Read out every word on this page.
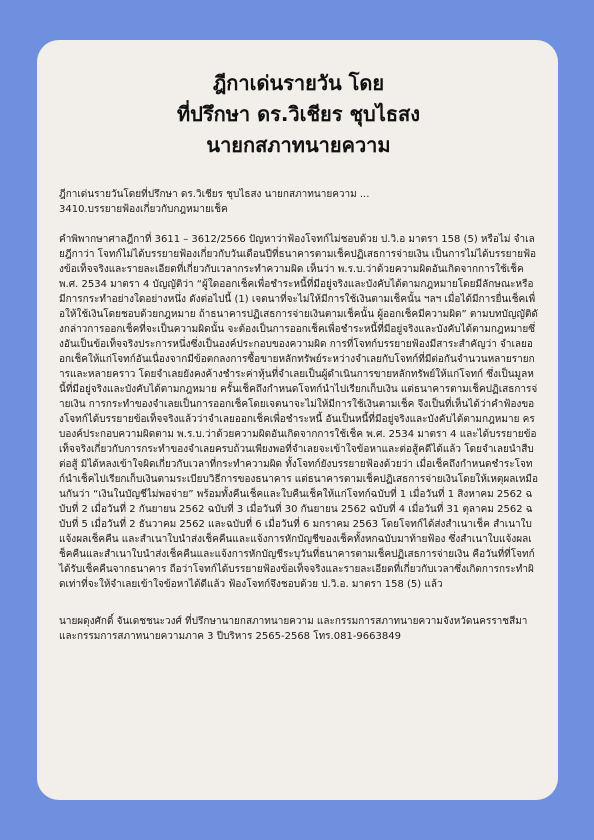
ฎีกาเด่นรายวัน โดย
ที่ปรึกษา ดร.วิเชียร ชุบไธสง
นายกสภาทนายความ

ฎีกาเด่นรายวันโดยที่ปรึกษา ดร.วิเชียร ชุบไธสง นายกสภาทนายความ ...
3410.บรรยายฟ้องเกี่ยวกับกฎหมายเช็ค

คำพิพากษาศาลฎีกาที่ 3611 – 3612/2566 ปัญหาว่าฟ้องโจทก์ไม่ชอบด้วย ป.วิ.อ มาตรา 158 (5) หรือไม่ จำเลยฎีกาว่า โจทก์ไม่ได้บรรยายฟ้องเกี่ยวกับวันเดือนปีที่ธนาคารตามเช็คปฏิเสธการจ่ายเงิน เป็นการไม่ได้บรรยายฟ้องข้อเท็จจริงและรายละเอียดที่เกี่ยวกับเวลากระทำความผิด เห็นว่า พ.ร.บ.ว่าด้วยความผิดอันเกิดจากการใช้เช็ค พ.ศ. 2534 มาตรา 4 บัญญัติว่า “ผู้ใดออกเช็คเพื่อชำระหนี้ที่มีอยู่จริงและบังคับได้ตามกฎหมายโดยมีลักษณะหรือมีการกระทำอย่างใดอย่างหนึ่ง ดังต่อไปนี้ (1) เจตนาที่จะไม่ให้มีการใช้เงินตามเช็คนั้น ฯลฯ เมื่อได้มีการยื่นเช็คเพื่อให้ใช้เงินโดยชอบด้วยกฎหมาย ถ้าธนาคารปฏิเสธการจ่ายเงินตามเช็คนั้น ผู้ออกเช็คมีความผิด” ตามบทบัญญัติดังกล่าวการออกเช็คที่จะเป็นความผิดนั้น จะต้องเป็นการออกเช็คเพื่อชำระหนี้ที่มีอยู่จริงและบังคับได้ตามกฎหมายซึ่งอันเป็นข้อเท็จจริงประการหนึ่งซึ่งเป็นองค์ประกอบของความผิด การที่โจทก์บรรยายฟ้องมีสาระสำคัญว่า จำเลยออกเช็คให้แก่โจทก์อันเนื่องจากมีข้อตกลงการซื้อขายหลักทรัพย์ระหว่างจำเลยกับโจทก์ที่มีต่อกันจำนวนหลายรายการและหลายคราว โดยจำเลยยังคงค้างชำระค่าหุ้นที่จำเลยเป็นผู้ดำเนินการขายหลักทรัพย์ให้แก่โจทก์ ซึ่งเป็นมูลหนี้ที่มีอยู่จริงและบังคับได้ตามกฎหมาย ครั้นเช็คถึงกำหนดโจทก์นำไปเรียกเก็บเงิน แต่ธนาคารตามเช็คปฏิเสธการจ่ายเงิน การกระทำของจำเลยเป็นการออกเช็คโดยเจตนาจะไม่ให้มีการใช้เงินตามเช็ค จึงเป็นที่เห็นได้ว่าคำฟ้องของโจทก์ได้บรรยายข้อเท็จจริงแล้วว่าจำเลยออกเช็คเพื่อชำระหนี้ อันเป็นหนี้ที่มีอยู่จริงและบังคับได้ตามกฎหมาย ครบองค์ประกอบความผิดตาม พ.ร.บ.ว่าด้วยความผิดอันเกิดจากการใช้เช็ค พ.ศ. 2534 มาตรา 4 และได้บรรยายข้อเท็จจริงเกี่ยวกับการกระทำของจำเลยครบถ้วนเพียงพอที่จำเลยจะเข้าใจข้อหาและต่อสู้คดีได้แล้ว โดยจำเลยนำสืบต่อสู้ มิได้หลงเข้าใจผิดเกี่ยวกับเวลาที่กระทำความผิด ทั้งโจทก์ยังบรรยายฟ้องด้วยว่า เมื่อเช็คถึงกำหนดชำระโจทก์นำเช็คไปเรียกเก็บเงินตามระเบียบวิธีการของธนาคาร แต่ธนาคารตามเช็คปฏิเสธการจ่ายเงินโดยให้เหตุผลเหมือนกันว่า “เงินในบัญชีไม่พอจ่าย” พร้อมทั้งคืนเช็คและใบคืนเช็คให้แก่โจทก์ฉบับที่ 1 เมื่อวันที่ 1 สิงหาคม 2562 ฉบับที่ 2 เมื่อวันที่ 2 กันยายน 2562 ฉบับที่ 3 เมื่อวันที่ 30 กันยายน 2562 ฉบับที่ 4 เมื่อวันที่ 31 ตุลาคม 2562 ฉบับที่ 5 เมื่อวันที่ 2 ธันวาคม 2562 และฉบับที่ 6 เมื่อวันที่ 6 มกราคม 2563 โดยโจทก์ได้ส่งสำเนาเช็ค สำเนาใบแจ้งผลเช็คคืน และสำเนาใบนำส่งเช็คคืนและแจ้งการหักบัญชีของเช็คทั้งหกฉบับมาท้ายฟ้อง ซึ่งสำเนาใบแจ้งผลเช็คคืนและสำเนาใบนำส่งเช็คคืนและแจ้งการหักบัญชีระบุวันที่ธนาคารตามเช็คปฏิเสธการจ่ายเงิน คือวันที่ที่โจทก์ได้รับเช็คคืนจากธนาคาร ถือว่าโจทก์ได้บรรยายฟ้องข้อเท็จจริงและรายละเอียดที่เกี่ยวกับเวลาซึ่งเกิดการกระทำผิดเท่าที่จะให้จำเลยเข้าใจข้อหาได้ดีแล้ว ฟ้องโจทก์จึงชอบด้วย ป.วิ.อ. มาตรา 158 (5) แล้ว

นายผดุงศักดิ์ จันเดชชนะวงศ์ ที่ปรึกษานายกสภาทนายความ และกรรมการสภาทนายความจังหวัดนครราชสีมา และกรรมการสภาทนายความภาค 3 ปีบริหาร 2565-2568 โทร.081-9663849
